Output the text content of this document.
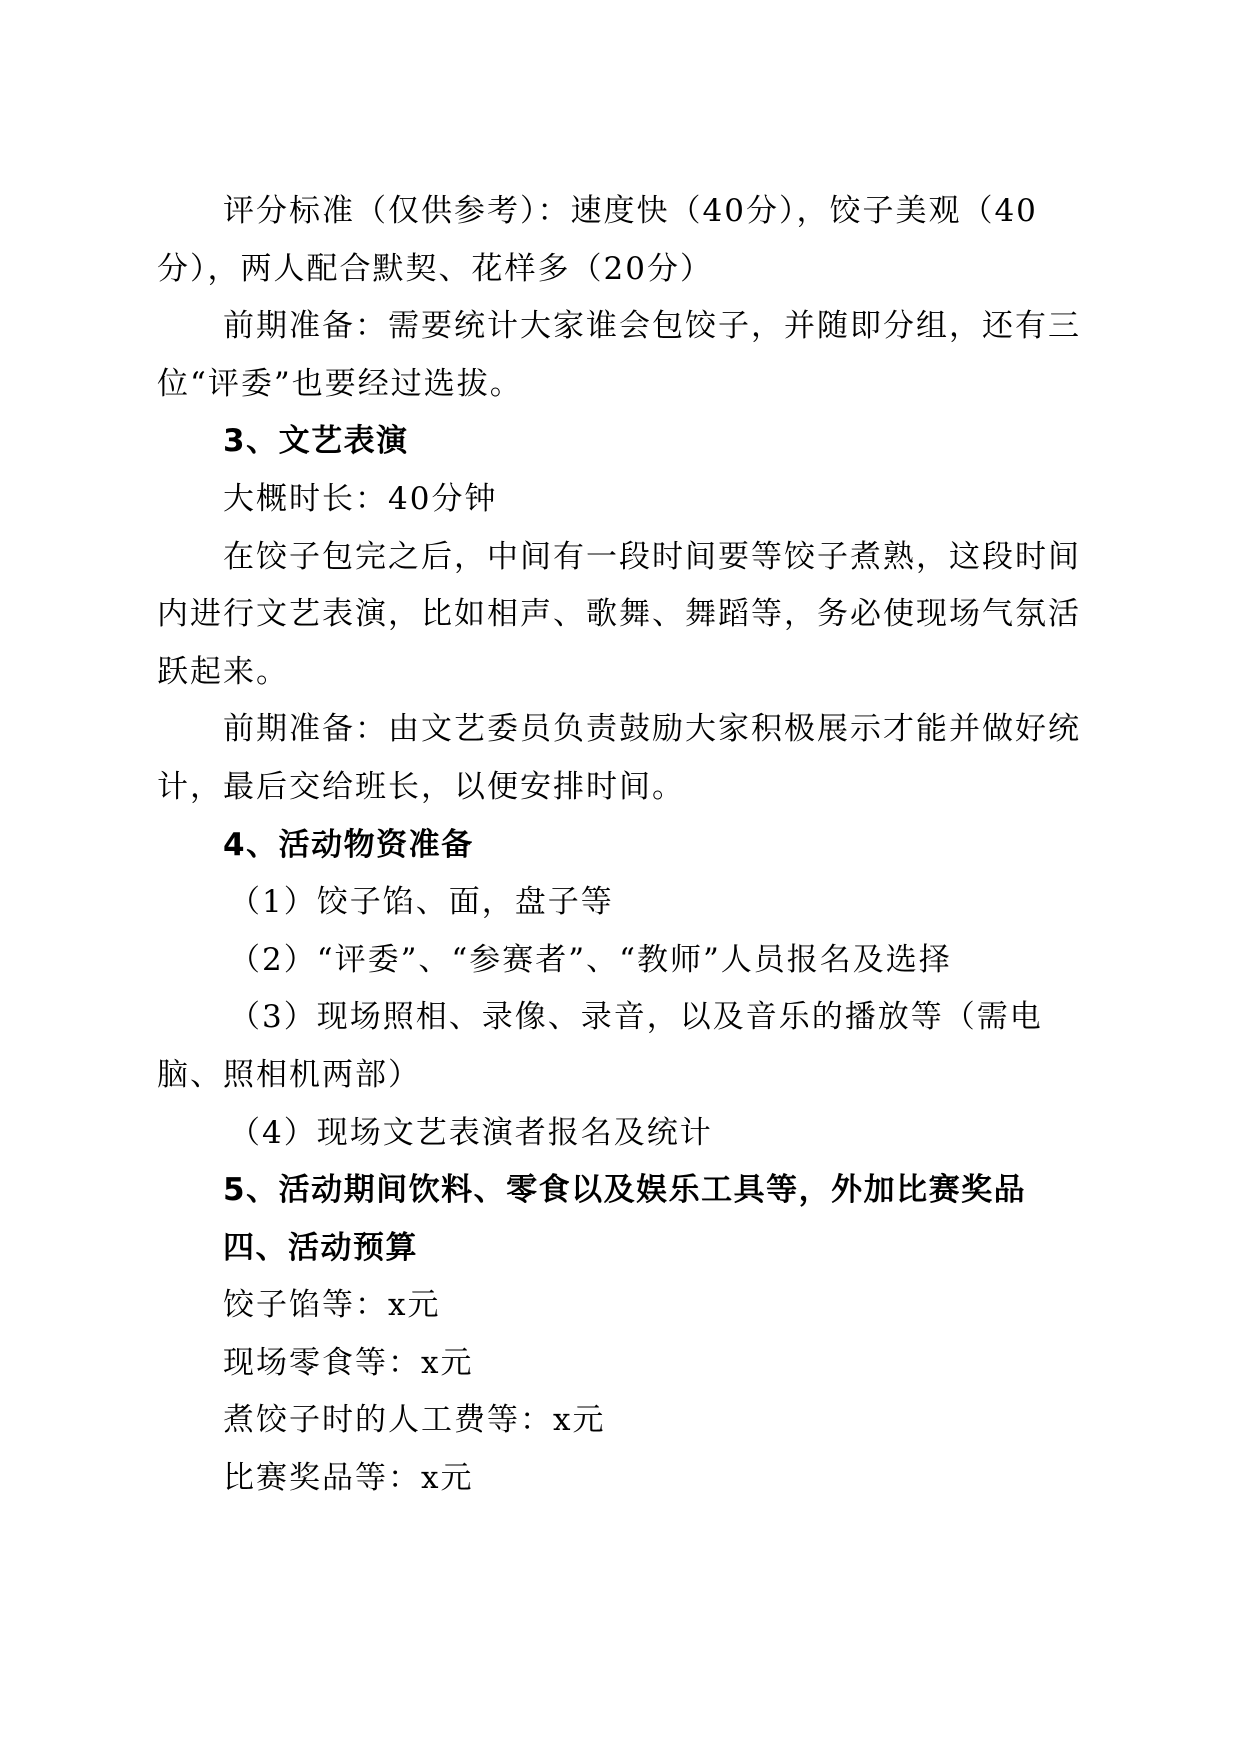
评分标准（仅供参考）：速度快（40分），饺子美观（40分），两人配合默契、花样多（20分）

前期准备：需要统计大家谁会包饺子，并随即分组，还有三位“评委”也要经过选拔。

3、文艺表演

大概时长：40分钟

在饺子包完之后，中间有一段时间要等饺子煮熟，这段时间内进行文艺表演，比如相声、歌舞、舞蹈等，务必使现场气氛活跃起来。

前期准备：由文艺委员负责鼓励大家积极展示才能并做好统计，最后交给班长，以便安排时间。

4、活动物资准备

（1）饺子馅、面，盘子等

（2）“评委”、“参赛者”、“教师”人员报名及选择

（3）现场照相、录像、录音，以及音乐的播放等（需电脑、照相机两部）

（4）现场文艺表演者报名及统计

5、活动期间饮料、零食以及娱乐工具等，外加比赛奖品

四、活动预算

饺子馅等：x元

现场零食等：x元

煮饺子时的人工费等：x元

比赛奖品等：x元
